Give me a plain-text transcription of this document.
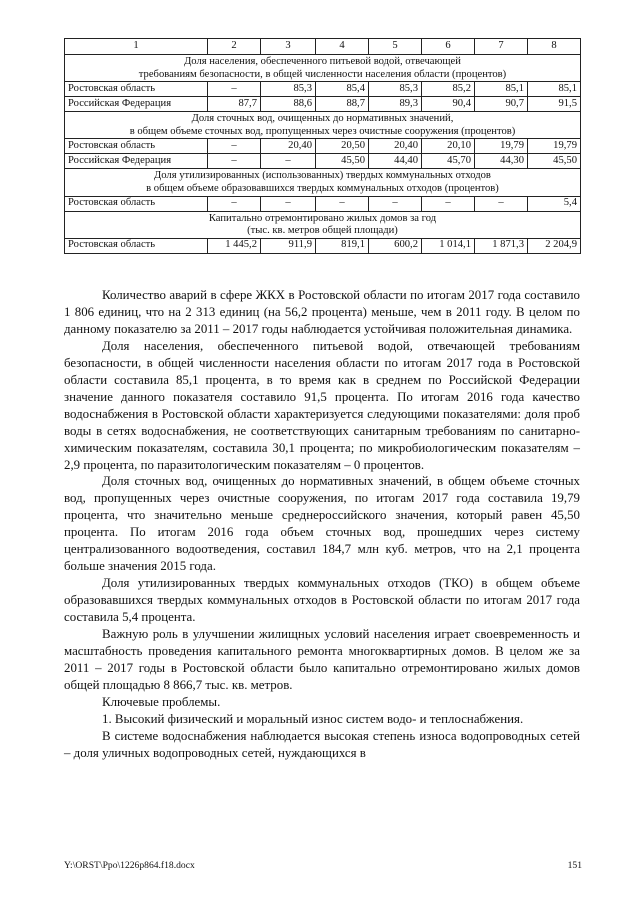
1	2	3	4	5	6	7	8

Доля населения, обеспеченного питьевой водой, отвечающей
требованиям безопасности, в общей численности населения области (процентов)							

Ростовская область	–	85,3	85,4	85,3	85,2	85,1	85,1
Российская Федерация	87,7	88,6	88,7	89,3	90,4	90,7	91,5

Доля сточных вод, очищенных до нормативных значений,
в общем объеме сточных вод, пропущенных через очистные сооружения (процентов)							

Ростовская область	–	20,40	20,50	20,40	20,10	19,79	19,79
Российская Федерация	–	–	45,50	44,40	45,70	44,30	45,50

Доля утилизированных (использованных) твердых коммунальных отходов
в общем объеме образовавшихся твердых коммунальных отходов (процентов)							

Ростовская область	–	–	–	–	–	–	5,4

Капитально отремонтировано жилых домов за год
(тыс. кв. метров общей площади)							

Ростовская область	1 445,2	911,9	819,1	600,2	1 014,1	1 871,3	2 204,9

Количество аварий в сфере ЖКХ в Ростовской области по итогам 2017 года составило 1 806 единиц, что на 2 313 единиц (на 56,2 процента) меньше, чем в 2011 году. В целом по данному показателю за 2011 – 2017 годы наблюдается устойчивая положительная динамика.

Доля населения, обеспеченного питьевой водой, отвечающей требованиям безопасности, в общей численности населения области по итогам 2017 года в Ростовской области составила 85,1 процента, в то время как в среднем по Российской Федерации значение данного показателя составило 91,5 процента. По итогам 2016 года качество водоснабжения в Ростовской области характеризуется следующими показателями: доля проб воды в сетях водоснабжения, не соответствующих санитарным требованиям по санитарно-химическим показателям, составила 30,1 процента; по микробиологическим показателям – 2,9 процента, по паразитологическим показателям – 0 процентов.

Доля сточных вод, очищенных до нормативных значений, в общем объеме сточных вод, пропущенных через очистные сооружения, по итогам 2017 года составила 19,79 процента, что значительно меньше среднероссийского значения, который равен 45,50 процента. По итогам 2016 года объем сточных вод, прошедших через систему централизованного водоотведения, составил 184,7 млн куб. метров, что на 2,1 процента больше значения 2015 года.

Доля утилизированных твердых коммунальных отходов (ТКО) в общем объеме образовавшихся твердых коммунальных отходов в Ростовской области по итогам 2017 года составила 5,4 процента.

Важную роль в улучшении жилищных условий населения играет своевременность и масштабность проведения капитального ремонта многоквартирных домов. В целом же за 2011 – 2017 годы в Ростовской области было капитально отремонтировано жилых домов общей площадью 8 866,7 тыс. кв. метров.

Ключевые проблемы.

1. Высокий физический и моральный износ систем водо- и теплоснабжения.

В системе водоснабжения наблюдается высокая степень износа водопроводных сетей – доля уличных водопроводных сетей, нуждающихся в

Y:\ORST\Ppo\1226p864.f18.docx	151
